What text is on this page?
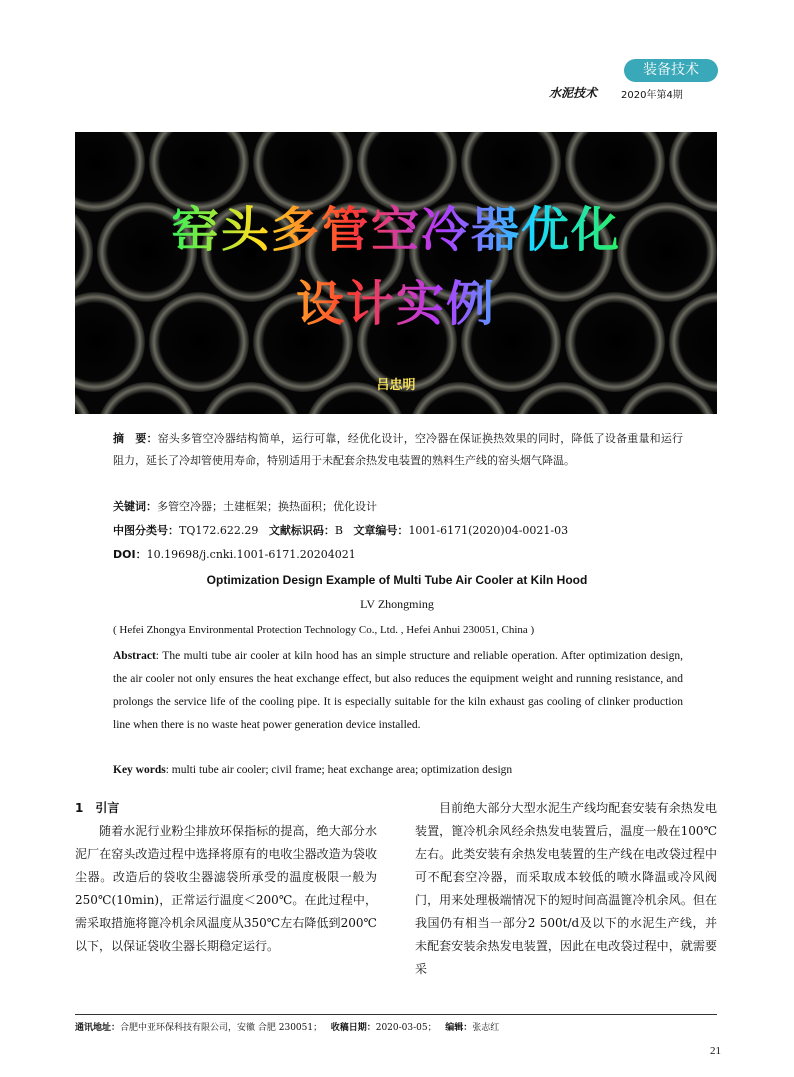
装备技术
水泥技术 2020年第4期
窑头多管空冷器优化
设计实例
吕忠明
摘　要：窑头多管空冷器结构简单，运行可靠，经优化设计，空冷器在保证换热效果的同时，降低了设备重量和运行阻力，延长了冷却管使用寿命，特别适用于未配套余热发电装置的熟料生产线的窑头烟气降温。
关键词：多管空冷器；土建框架；换热面积；优化设计
中图分类号：TQ172.622.29 文献标识码：B 文章编号：1001-6171(2020)04-0021-03
DOI：10.19698/j.cnki.1001-6171.20204021
Optimization Design Example of Multi Tube Air Cooler at Kiln Hood
LV Zhongming
( Hefei Zhongya Environmental Protection Technology Co., Ltd. , Hefei Anhui 230051, China )
Abstract: The multi tube air cooler at kiln hood has an simple structure and reliable operation. After optimization design, the air cooler not only ensures the heat exchange effect, but also reduces the equipment weight and running resistance, and prolongs the service life of the cooling pipe. It is especially suitable for the kiln exhaust gas cooling of clinker production line when there is no waste heat power generation device installed.
Key words: multi tube air cooler; civil frame; heat exchange area; optimization design

1　引言

随着水泥行业粉尘排放环保指标的提高，绝大部分水泥厂在窑头改造过程中选择将原有的电收尘器改造为袋收尘器。改造后的袋收尘器滤袋所承受的温度极限一般为250℃(10min)，正常运行温度＜200℃。在此过程中，需采取措施将篦冷机余风温度从350℃左右降低到200℃以下，以保证袋收尘器长期稳定运行。

目前绝大部分大型水泥生产线均配套安装有余热发电装置，篦冷机余风经余热发电装置后，温度一般在100℃左右。此类安装有余热发电装置的生产线在电改袋过程中可不配套空冷器，而采取成本较低的喷水降温或冷风阀门，用来处理极端情况下的短时间高温篦冷机余风。但在我国仍有相当一部分2 500t/d及以下的水泥生产线，并未配套安装余热发电装置，因此在电改袋过程中，就需要采

通讯地址：合肥中亚环保科技有限公司，安徽 合肥 230051； 收稿日期：2020-03-05； 编辑：张志红
21
